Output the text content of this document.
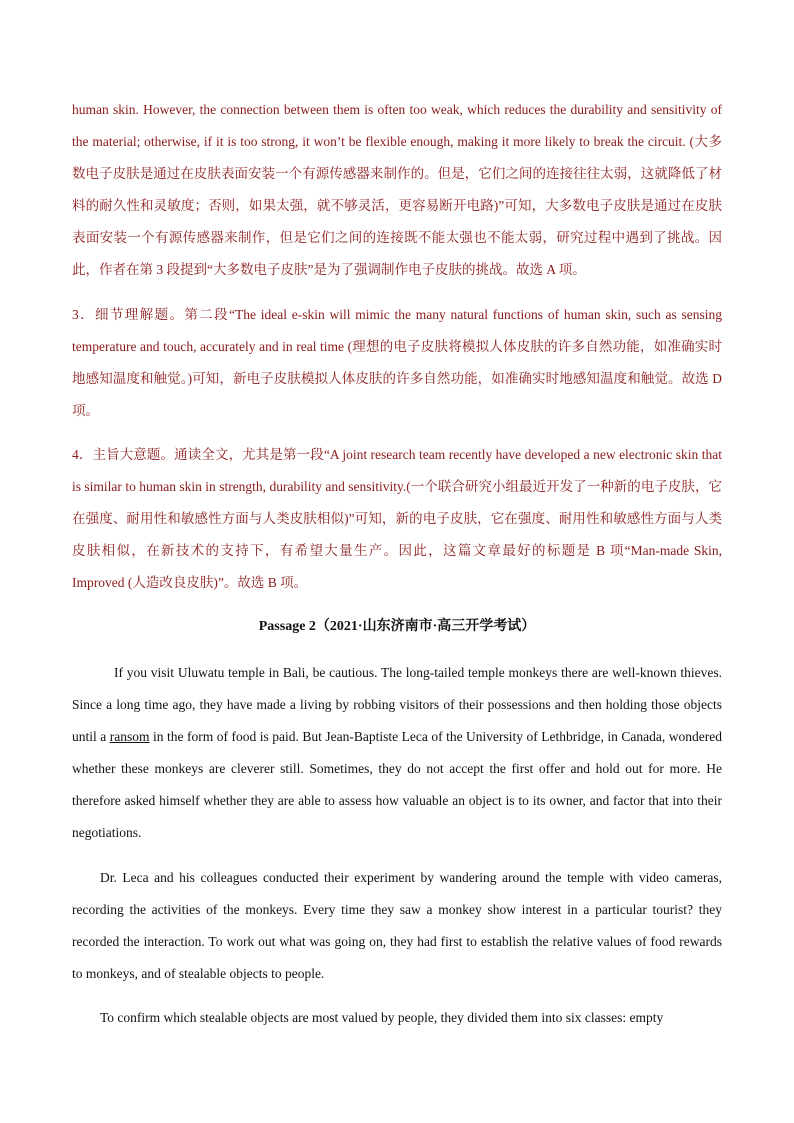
human skin. However, the connection between them is often too weak, which reduces the durability and sensitivity of the material; otherwise, if it is too strong, it won’t be flexible enough, making it more likely to break the circuit. (大多数电子皮肤是通过在皮肤表面安装一个有源传感器来制作的。但是，它们之间的连接往往太弱，这就降低了材料的耐久性和灵敏度；否则，如果太强，就不够灵活，更容易断开电路)”可知，大多数电子皮肤是通过在皮肤表面安装一个有源传感器来制作，但是它们之间的连接既不能太强也不能太弱，研究过程中遇到了挑战。因此，作者在第 3 段提到“大多数电子皮肤”是为了强调制作电子皮肤的挑战。故选 A 项。

3．细节理解题。第二段“The ideal e-skin will mimic the many natural functions of human skin, such as sensing temperature and touch, accurately and in real time (理想的电子皮肤将模拟人体皮肤的许多自然功能，如准确实时地感知温度和触觉。)可知，新电子皮肤模拟人体皮肤的许多自然功能，如准确实时地感知温度和触觉。故选 D 项。

4．主旨大意题。通读全文，尤其是第一段“A joint research team recently have developed a new electronic skin that is similar to human skin in strength, durability and sensitivity.(一个联合研究小组最近开发了一种新的电子皮肤，它在强度、耐用性和敏感性方面与人类皮肤相似)”可知，新的电子皮肤，它在强度、耐用性和敏感性方面与人类皮肤相似，在新技术的支持下，有希望大量生产。因此，这篇文章最好的标题是 B 项“Man-made Skin, Improved (人造改良皮肤)”。故选 B 项。

Passage 2（2021·山东济南市·高三开学考试）

If you visit Uluwatu temple in Bali, be cautious. The long-tailed temple monkeys there are well-known thieves. Since a long time ago, they have made a living by robbing visitors of their possessions and then holding those objects until a ransom in the form of food is paid. But Jean-Baptiste Leca of the University of Lethbridge, in Canada, wondered whether these monkeys are cleverer still. Sometimes, they do not accept the first offer and hold out for more. He therefore asked himself whether they are able to assess how valuable an object is to its owner, and factor that into their negotiations.

Dr. Leca and his colleagues conducted their experiment by wandering around the temple with video cameras, recording the activities of the monkeys. Every time they saw a monkey show interest in a particular tourist? they recorded the interaction. To work out what was going on, they had first to establish the relative values of food rewards to monkeys, and of stealable objects to people.

To confirm which stealable objects are most valued by people, they divided them into six classes: empty
